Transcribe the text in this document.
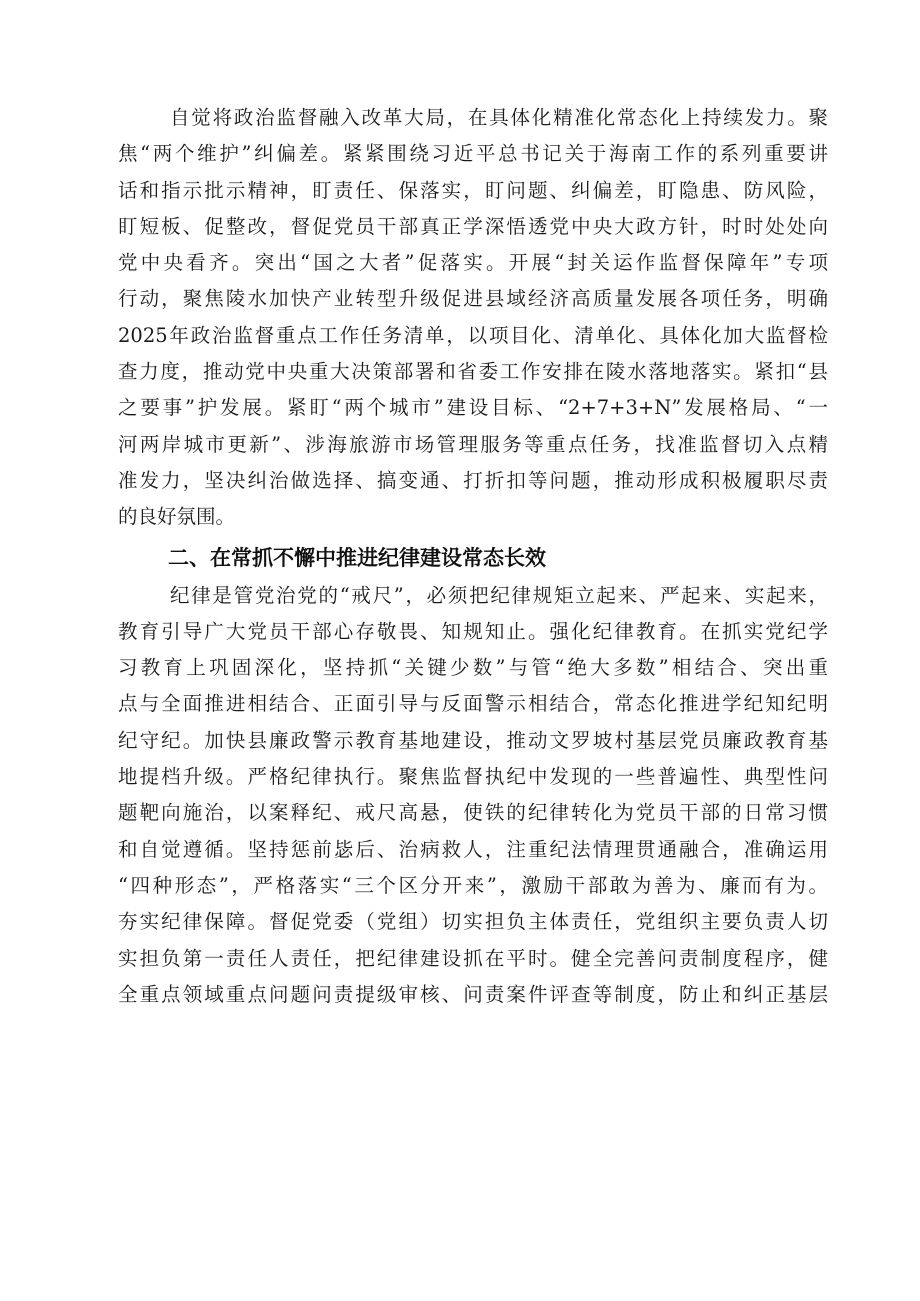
自觉将政治监督融入改革大局，在具体化精准化常态化上持续发力。聚
焦“两个维护”纠偏差。紧紧围绕习近平总书记关于海南工作的系列重要讲
话和指示批示精神，盯责任、保落实，盯问题、纠偏差，盯隐患、防风险，
盯短板、促整改，督促党员干部真正学深悟透党中央大政方针，时时处处向
党中央看齐。突出“国之大者”促落实。开展“封关运作监督保障年”专项
行动，聚焦陵水加快产业转型升级促进县域经济高质量发展各项任务，明确
2025年政治监督重点工作任务清单，以项目化、清单化、具体化加大监督检
查力度，推动党中央重大决策部署和省委工作安排在陵水落地落实。紧扣“县
之要事”护发展。紧盯“两个城市”建设目标、“2+7+3+N”发展格局、“一
河两岸城市更新”、涉海旅游市场管理服务等重点任务，找准监督切入点精
准发力，坚决纠治做选择、搞变通、打折扣等问题，推动形成积极履职尽责
的良好氛围。
二、在常抓不懈中推进纪律建设常态长效
纪律是管党治党的“戒尺”，必须把纪律规矩立起来、严起来、实起来，
教育引导广大党员干部心存敬畏、知规知止。强化纪律教育。在抓实党纪学
习教育上巩固深化，坚持抓“关键少数”与管“绝大多数”相结合、突出重
点与全面推进相结合、正面引导与反面警示相结合，常态化推进学纪知纪明
纪守纪。加快县廉政警示教育基地建设，推动文罗坡村基层党员廉政教育基
地提档升级。严格纪律执行。聚焦监督执纪中发现的一些普遍性、典型性问
题靶向施治，以案释纪、戒尺高悬，使铁的纪律转化为党员干部的日常习惯
和自觉遵循。坚持惩前毖后、治病救人，注重纪法情理贯通融合，准确运用
“四种形态”，严格落实“三个区分开来”，激励干部敢为善为、廉而有为。
夯实纪律保障。督促党委（党组）切实担负主体责任，党组织主要负责人切
实担负第一责任人责任，把纪律建设抓在平时。健全完善问责制度程序，健
全重点领域重点问题问责提级审核、问责案件评查等制度，防止和纠正基层
